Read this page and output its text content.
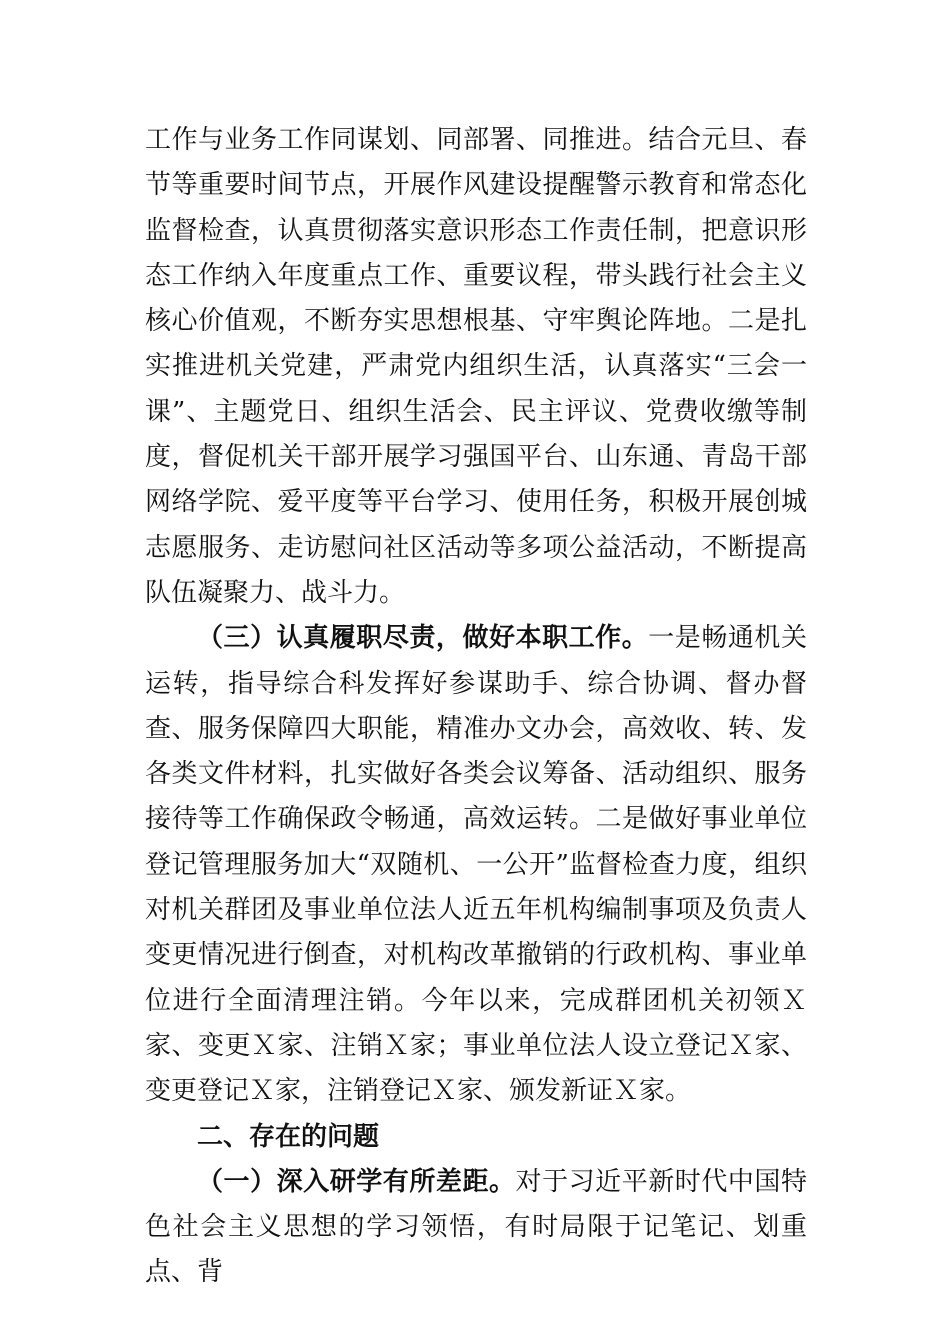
工作与业务工作同谋划、同部署、同推进。结合元旦、春节等重要时间节点，开展作风建设提醒警示教育和常态化监督检查，认真贯彻落实意识形态工作责任制，把意识形态工作纳入年度重点工作、重要议程，带头践行社会主义核心价值观，不断夯实思想根基、守牢舆论阵地。二是扎实推进机关党建，严肃党内组织生活，认真落实“三会一课”、主题党日、组织生活会、民主评议、党费收缴等制度，督促机关干部开展学习强国平台、山东通、青岛干部网络学院、爱平度等平台学习、使用任务，积极开展创城志愿服务、走访慰问社区活动等多项公益活动，不断提高队伍凝聚力、战斗力。

（三）认真履职尽责，做好本职工作。一是畅通机关运转，指导综合科发挥好参谋助手、综合协调、督办督查、服务保障四大职能，精准办文办会，高效收、转、发各类文件材料，扎实做好各类会议筹备、活动组织、服务接待等工作确保政令畅通，高效运转。二是做好事业单位登记管理服务加大“双随机、一公开”监督检查力度，组织对机关群团及事业单位法人近五年机构编制事项及负责人变更情况进行倒查，对机构改革撤销的行政机构、事业单位进行全面清理注销。今年以来，完成群团机关初领Ｘ家、变更Ｘ家、注销Ｘ家；事业单位法人设立登记Ｘ家、变更登记Ｘ家，注销登记Ｘ家、颁发新证Ｘ家。

二、存在的问题

（一）深入研学有所差距。对于习近平新时代中国特色社会主义思想的学习领悟，有时局限于记笔记、划重点、背
